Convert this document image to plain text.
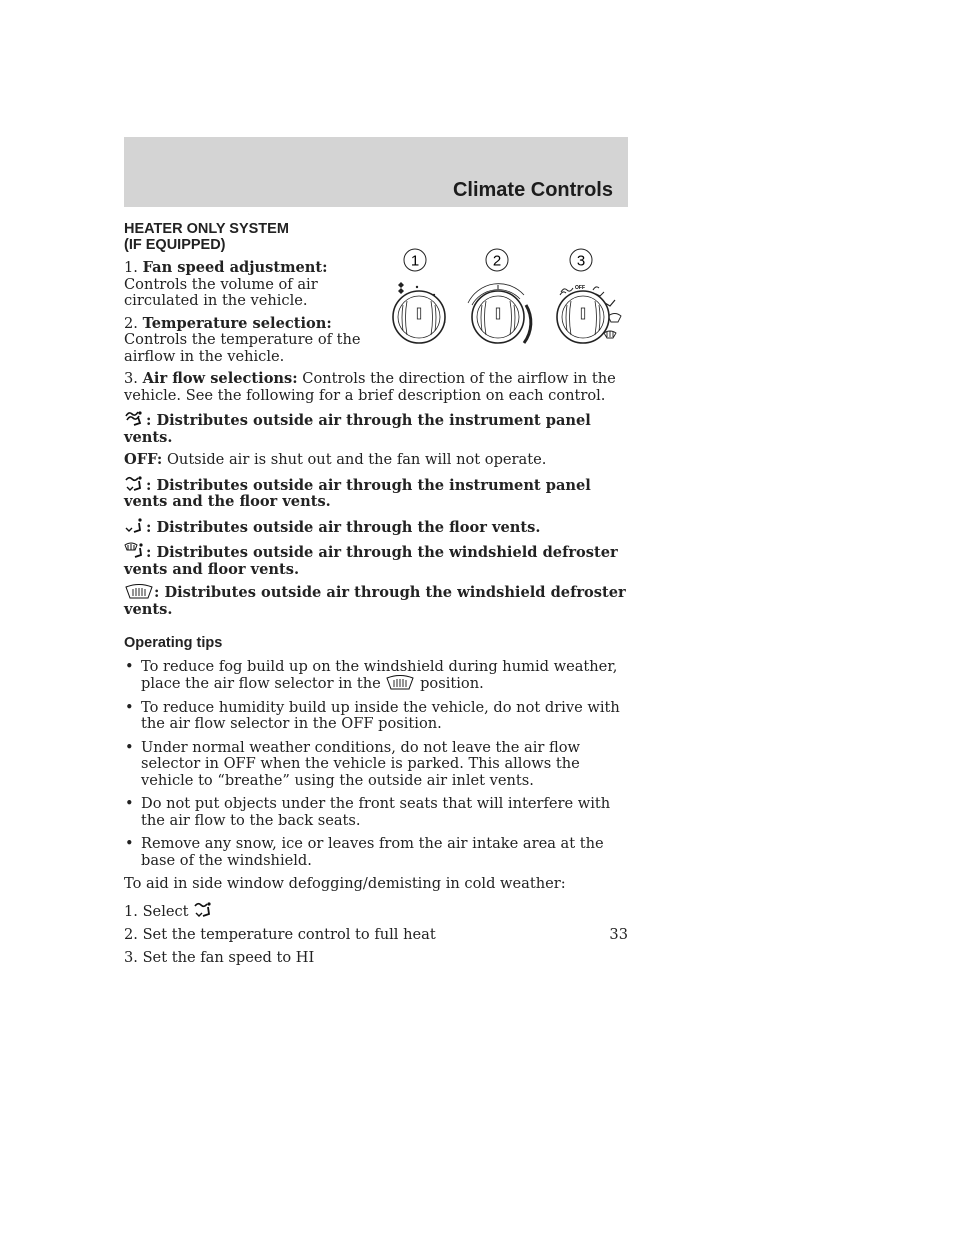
Climate Controls
HEATER ONLY SYSTEM
(IF EQUIPPED)

1. Fan speed adjustment: Controls the volume of air circulated in the vehicle.

2. Temperature selection: Controls the temperature of the airflow in the vehicle.

1	2	3
OFF

3. Air flow selections: Controls the direction of the airflow in the vehicle. See the following for a brief description on each control.

: Distributes outside air through the instrument panel vents.

OFF: Outside air is shut out and the fan will not operate.

: Distributes outside air through the instrument panel vents and the floor vents.

: Distributes outside air through the floor vents.

: Distributes outside air through the windshield defroster vents and floor vents.

: Distributes outside air through the windshield defroster vents.

Operating tips
• To reduce fog build up on the windshield during humid weather, place the air flow selector in the	position.
• To reduce humidity build up inside the vehicle, do not drive with the air flow selector in the OFF position.
• Under normal weather conditions, do not leave the air flow selector in OFF when the vehicle is parked. This allows the vehicle to “breathe” using the outside air inlet vents.
• Do not put objects under the front seats that will interfere with the air flow to the back seats.
• Remove any snow, ice or leaves from the air intake area at the base of the windshield.

To aid in side window defogging/demisting in cold weather:

1. Select

2. Set the temperature control to full heat

3. Set the fan speed to HI

33
